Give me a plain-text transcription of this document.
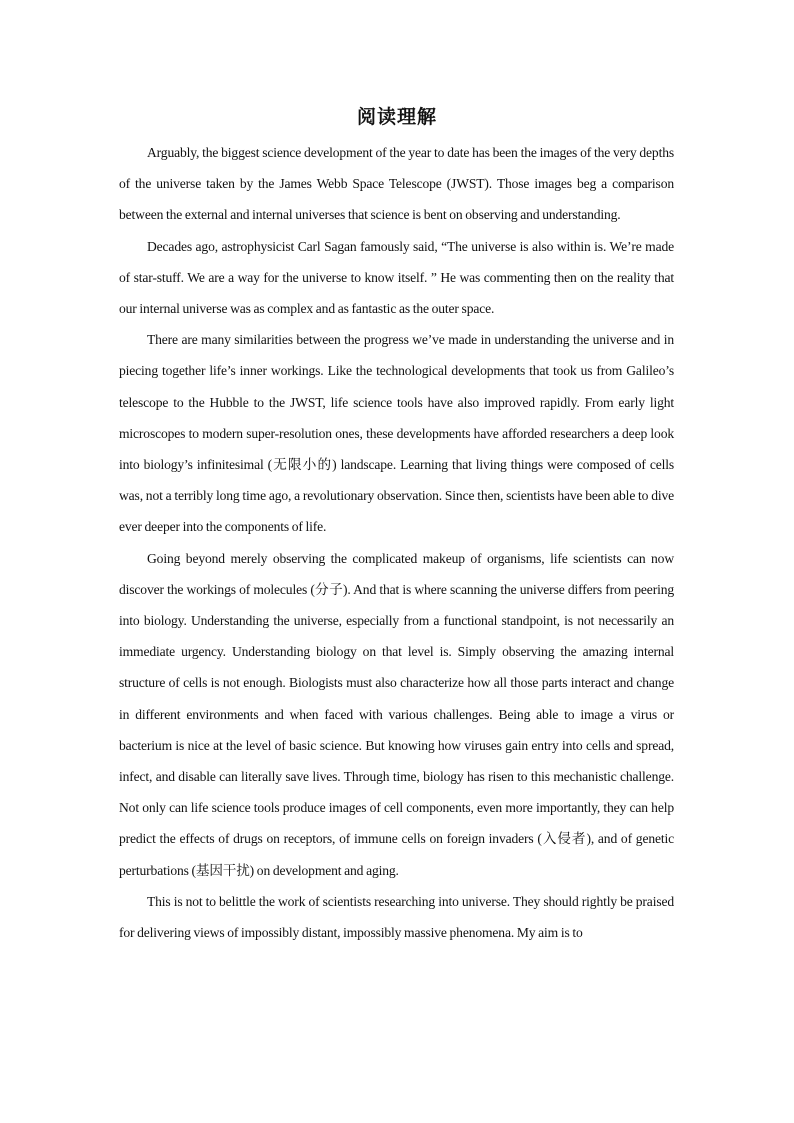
阅读理解

Arguably, the biggest science development of the year to date has been the images of the very depths of the universe taken by the James Webb Space Telescope (JWST). Those images beg a comparison between the external and internal universes that science is bent on observing and understanding.

Decades ago, astrophysicist Carl Sagan famously said, “The universe is also within is. We’re made of star-stuff. We are a way for the universe to know itself. ” He was commenting then on the reality that our internal universe was as complex and as fantastic as the outer space.

There are many similarities between the progress we’ve made in understanding the universe and in piecing together life’s inner workings. Like the technological developments that took us from Galileo’s telescope to the Hubble to the JWST, life science tools have also improved rapidly. From early light microscopes to modern super-resolution ones, these developments have afforded researchers a deep look into biology’s infinitesimal (无限小的) landscape. Learning that living things were composed of cells was, not a terribly long time ago, a revolutionary observation. Since then, scientists have been able to dive ever deeper into the components of life.

Going beyond merely observing the complicated makeup of organisms, life scientists can now discover the workings of molecules (分子). And that is where scanning the universe differs from peering into biology. Understanding the universe, especially from a functional standpoint, is not necessarily an immediate urgency. Understanding biology on that level is. Simply observing the amazing internal structure of cells is not enough. Biologists must also characterize how all those parts interact and change in different environments and when faced with various challenges. Being able to image a virus or bacterium is nice at the level of basic science. But knowing how viruses gain entry into cells and spread, infect, and disable can literally save lives. Through time, biology has risen to this mechanistic challenge. Not only can life science tools produce images of cell components, even more importantly, they can help predict the effects of drugs on receptors, of immune cells on foreign invaders (入侵者), and of genetic perturbations (基因干扰) on development and aging.

This is not to belittle the work of scientists researching into universe. They should rightly be praised for delivering views of impossibly distant, impossibly massive phenomena. My aim is to
